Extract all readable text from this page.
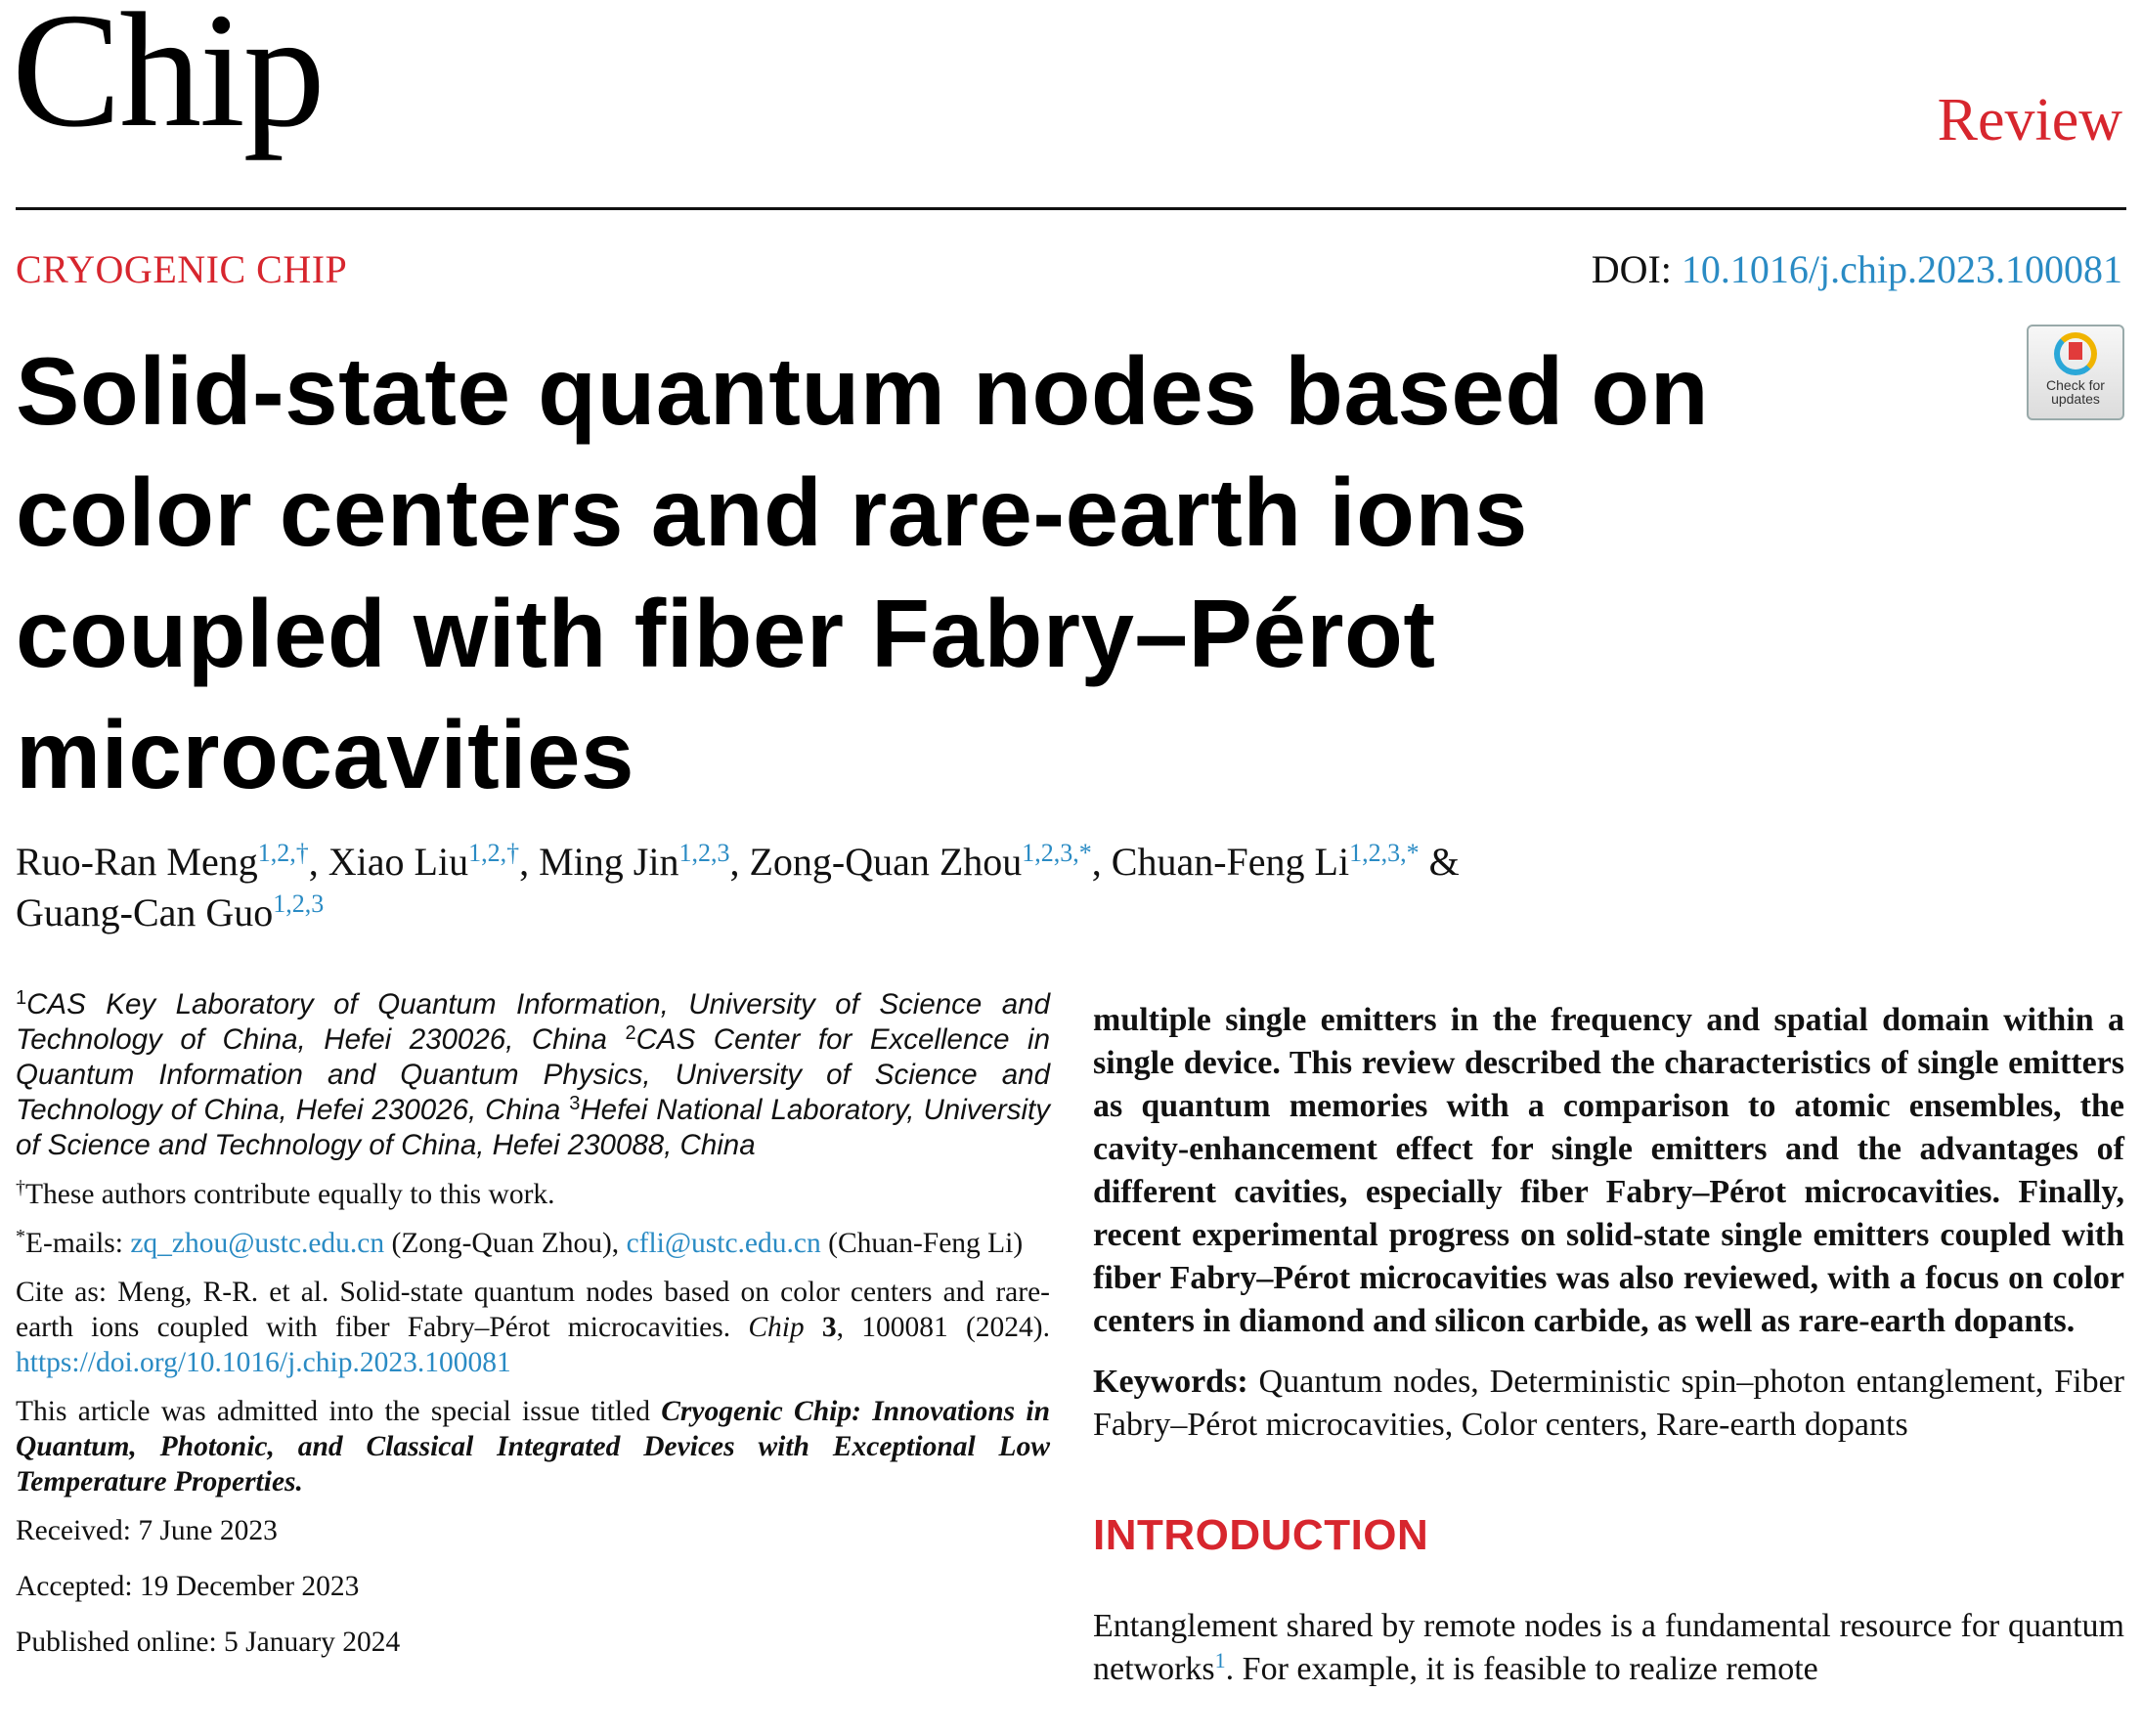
Chip	Review
CRYOGENIC CHIP	DOI: 10.1016/j.chip.2023.100081
Check for updates
Solid-state quantum nodes based on color centers and rare-earth ions coupled with fiber Fabry–Pérot microcavities
Ruo-Ran Meng$^{1,2,\dagger}$, Xiao Liu$^{1,2,\dagger}$, Ming Jin$^{1,2,3}$, Zong-Quan Zhou$^{1,2,3,*}$, Chuan-Feng $Li^{1,2,3,*}$ &
Guang-Can Guo$^{1,2,3}$
$^1$CAS Key Laboratory of Quantum Information, University of Science and Technology of China, Hefei 230026, China $^2$CAS Center for Excellence in Quantum Information and Quantum Physics, University of Science and Technology of China, Hefei 230026, China $^3$Hefei National Laboratory, University of Science and Technology of China, Hefei 230088, China
†These authors contribute equally to this work.
*E-mails: zq_zhou@ustc.edu.cn (Zong-Quan Zhou), cfli@ustc.edu.cn (Chuan-Feng Li)
Cite as: Meng, R-R. et al. Solid-state quantum nodes based on color centers and rare-earth ions coupled with fiber Fabry–Pérot microcavities. Chip 3, 100081 (2024). https://doi.org/10.1016/j.chip.2023.100081
This article was admitted into the special issue titled Cryogenic Chip: Innovations in Quantum, Photonic, and Classical Integrated Devices with Exceptional Low Temperature Properties.
Received: 7 June 2023
Accepted: 19 December 2023
Published online: 5 January 2024
multiple single emitters in the frequency and spatial domain within a single device. This review described the characteristics of single emitters as quantum memories with a comparison to atomic ensembles, the cavity-enhancement effect for single emitters and the advantages of different cavities, especially fiber Fabry–Pérot microcavities. Finally, recent experimental progress on solid-state single emitters coupled with fiber Fabry–Pérot microcavities was also reviewed, with a focus on color centers in diamond and silicon carbide, as well as rare-earth dopants.
Keywords: Quantum nodes, Deterministic spin–photon entanglement, Fiber Fabry–Pérot microcavities, Color centers, Rare-earth dopants
INTRODUCTION
Entanglement shared by remote nodes is a fundamental resource for quantum networks$^1$. For example, it is feasible to realize remote
